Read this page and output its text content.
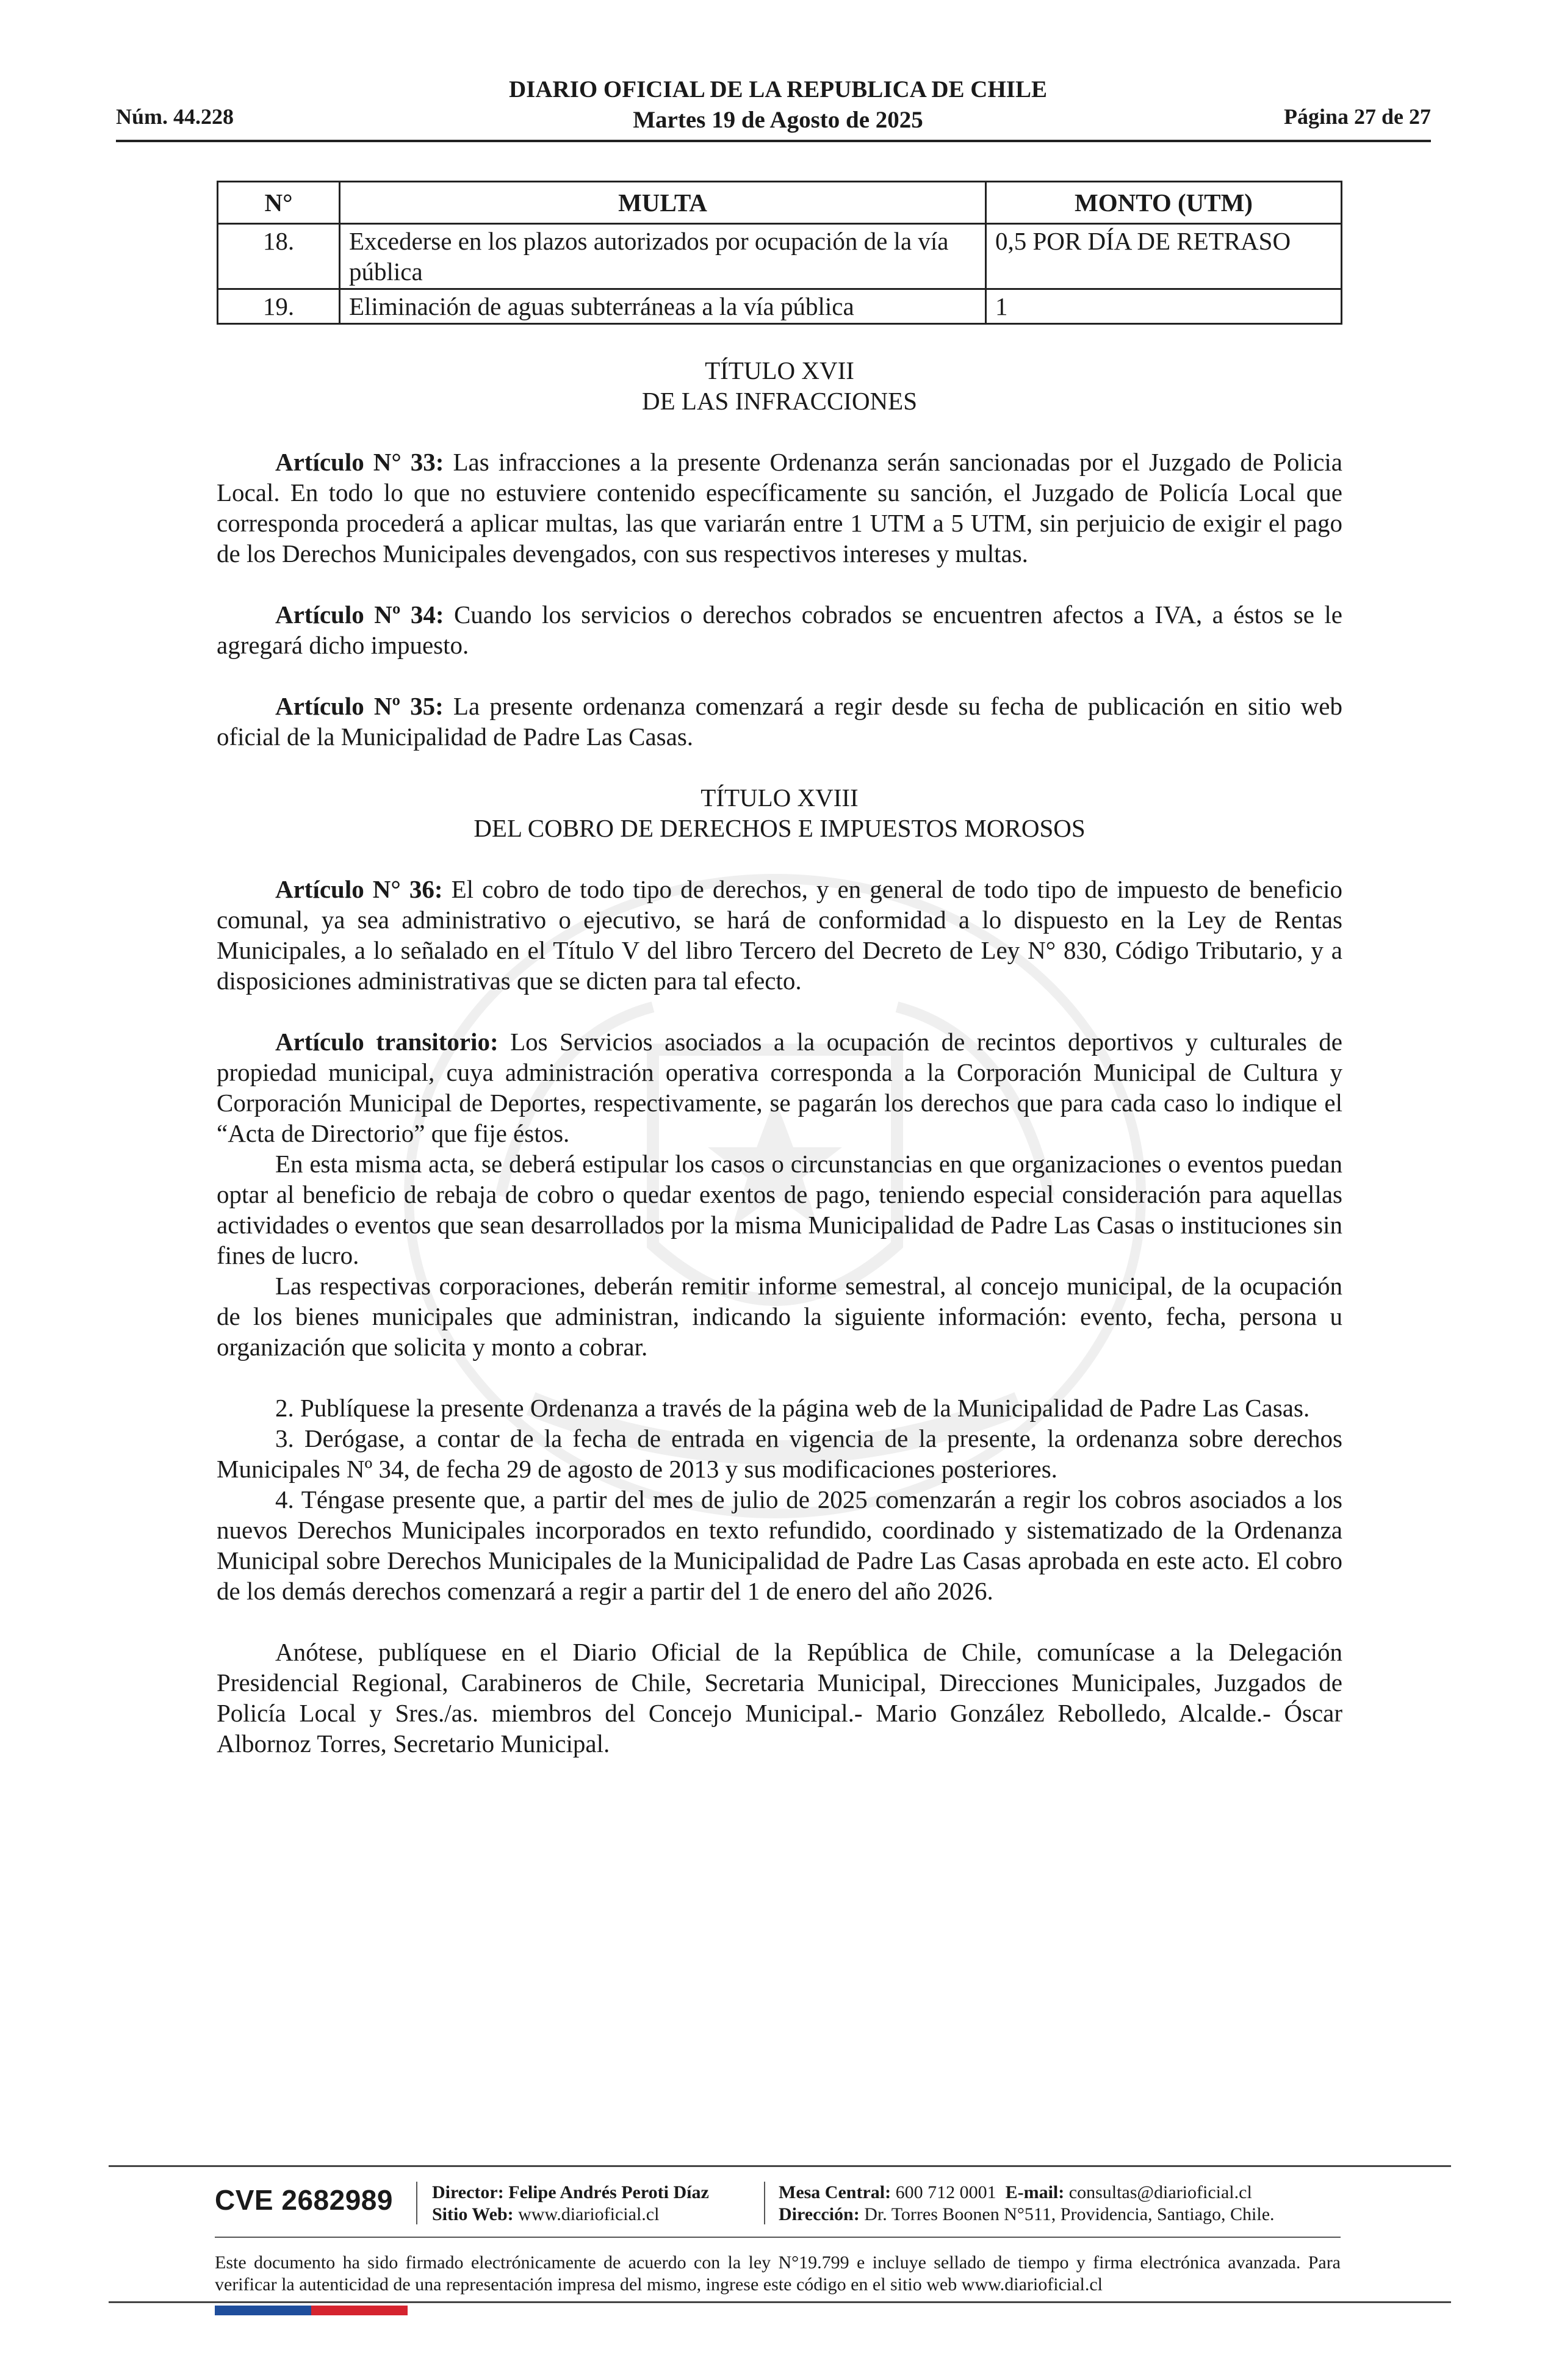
Núm. 44.228
DIARIO OFICIAL DE LA REPUBLICA DE CHILE
Martes 19 de Agosto de 2025	Página 27 de 27
N°	MULTA	MONTO (UTM)
18.	Excederse en los plazos autorizados por ocupación de la vía pública	0,5 POR DÍA DE RETRASO
19.	Eliminación de aguas subterráneas a la vía pública	1

TÍTULO XVII

DE LAS INFRACCIONES

Artículo N° 33: Las infracciones a la presente Ordenanza serán sancionadas por el Juzgado de Policia Local. En todo lo que no estuviere contenido específicamente su sanción, el Juzgado de Policía Local que corresponda procederá a aplicar multas, las que variarán entre 1 UTM a 5 UTM, sin perjuicio de exigir el pago de los Derechos Municipales devengados, con sus respectivos intereses y multas.

Artículo Nº 34: Cuando los servicios o derechos cobrados se encuentren afectos a IVA, a éstos se le agregará dicho impuesto.

Artículo Nº 35: La presente ordenanza comenzará a regir desde su fecha de publicación en sitio web oficial de la Municipalidad de Padre Las Casas.

TÍTULO XVIII

DEL COBRO DE DERECHOS E IMPUESTOS MOROSOS

Artículo N° 36: El cobro de todo tipo de derechos, y en general de todo tipo de impuesto de beneficio comunal, ya sea administrativo o ejecutivo, se hará de conformidad a lo dispuesto en la Ley de Rentas Municipales, a lo señalado en el Título V del libro Tercero del Decreto de Ley N° 830, Código Tributario, y a disposiciones administrativas que se dicten para tal efecto.

Artículo transitorio: Los Servicios asociados a la ocupación de recintos deportivos y culturales de propiedad municipal, cuya administración operativa corresponda a la Corporación Municipal de Cultura y Corporación Municipal de Deportes, respectivamente, se pagarán los derechos que para cada caso lo indique el “Acta de Directorio” que fije éstos.

En esta misma acta, se deberá estipular los casos o circunstancias en que organizaciones o eventos puedan optar al beneficio de rebaja de cobro o quedar exentos de pago, teniendo especial consideración para aquellas actividades o eventos que sean desarrollados por la misma Municipalidad de Padre Las Casas o instituciones sin fines de lucro.

Las respectivas corporaciones, deberán remitir informe semestral, al concejo municipal, de la ocupación de los bienes municipales que administran, indicando la siguiente información: evento, fecha, persona u organización que solicita y monto a cobrar.

2. Publíquese la presente Ordenanza a través de la página web de la Municipalidad de Padre Las Casas.

3. Derógase, a contar de la fecha de entrada en vigencia de la presente, la ordenanza sobre derechos Municipales Nº 34, de fecha 29 de agosto de 2013 y sus modificaciones posteriores.

4. Téngase presente que, a partir del mes de julio de 2025 comenzarán a regir los cobros asociados a los nuevos Derechos Municipales incorporados en texto refundido, coordinado y sistematizado de la Ordenanza Municipal sobre Derechos Municipales de la Municipalidad de Padre Las Casas aprobada en este acto. El cobro de los demás derechos comenzará a regir a partir del 1 de enero del año 2026.

Anótese, publíquese en el Diario Oficial de la República de Chile, comunícase a la Delegación Presidencial Regional, Carabineros de Chile, Secretaria Municipal, Direcciones Municipales, Juzgados de Policía Local y Sres./as. miembros del Concejo Municipal.- Mario González Rebolledo, Alcalde.- Óscar Albornoz Torres, Secretario Municipal.

CVE 2682989 Director: Felipe Andrés Peroti Díaz
Sitio Web: www.diarioficial.cl
Mesa Central: 600 712 0001 E-mail: consultas@diarioficial.cl
Dirección: Dr. Torres Boonen N°511, Providencia, Santiago, Chile.
Este documento ha sido firmado electrónicamente de acuerdo con la ley N°19.799 e incluye sellado de tiempo y firma electrónica avanzada. Para verificar la autenticidad de una representación impresa del mismo, ingrese este código en el sitio web www.diarioficial.cl
